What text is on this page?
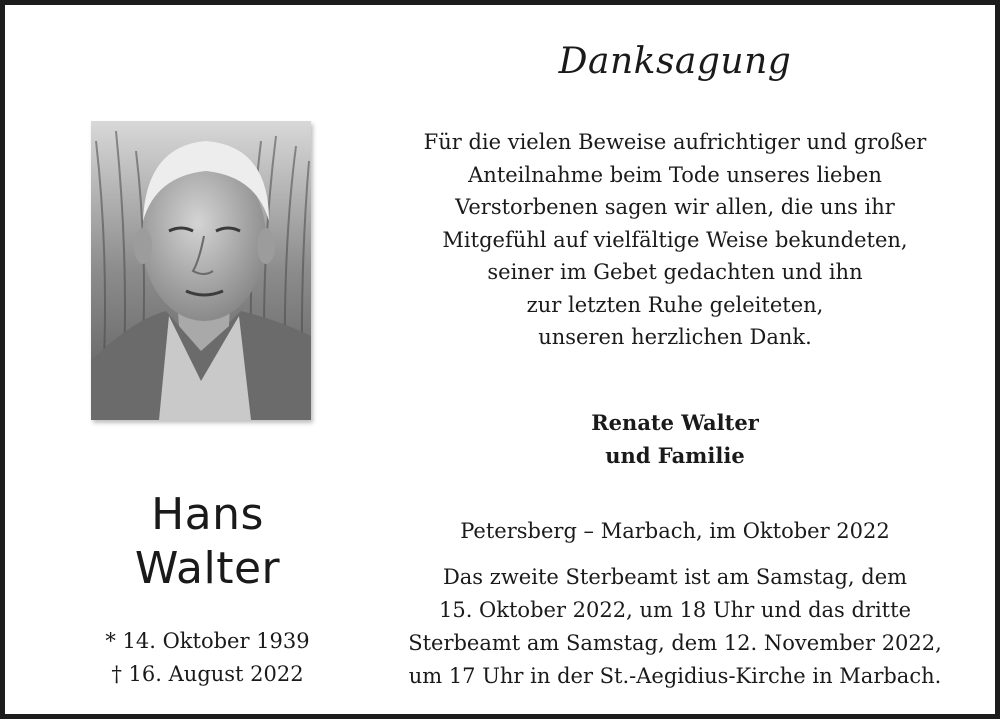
Danksagung
Für die vielen Beweise aufrichtiger und großer
Anteilnahme beim Tode unseres lieben
Verstorbenen sagen wir allen, die uns ihr
Mitgefühl auf vielfältige Weise bekundeten,
seiner im Gebet gedachten und ihn
zur letzten Ruhe geleiteten,
unseren herzlichen Dank.
Renate Walter
und Familie
Petersberg – Marbach, im Oktober 2022
Das zweite Sterbeamt ist am Samstag, dem
15. Oktober 2022, um 18 Uhr und das dritte
Sterbeamt am Samstag, dem 12. November 2022,
um 17 Uhr in der St.-Aegidius-Kirche in Marbach.
Hans
Walter
* 14. Oktober 1939
† 16. August 2022
